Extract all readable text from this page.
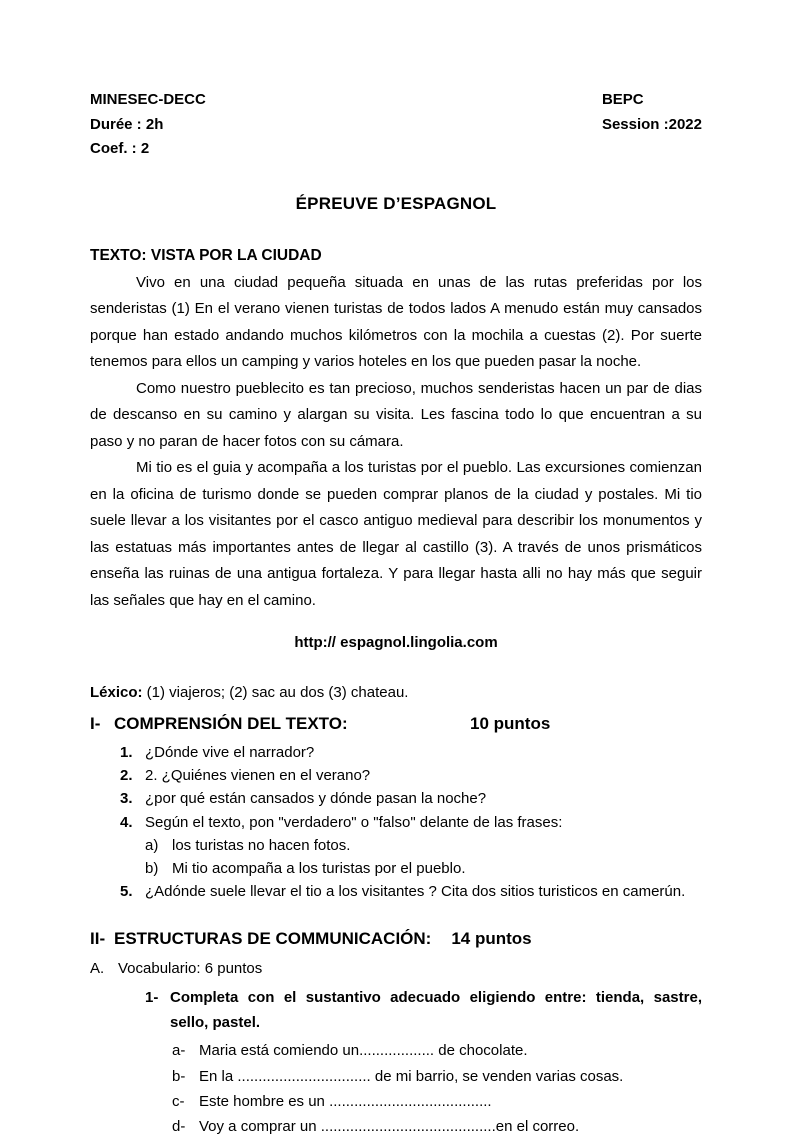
MINESEC-DECC
Durée : 2h
Coef. : 2
BEPC
Session :2022
ÉPREUVE D’ESPAGNOL
TEXTO: VISTA POR LA CIUDAD

Vivo en una ciudad pequeña situada en unas de las rutas preferidas por los senderistas (1) En el verano vienen turistas de todos lados A menudo están muy cansados porque han estado andando muchos kilómetros con la mochila a cuestas (2). Por suerte tenemos para ellos un camping y varios hoteles en los que pueden pasar la noche.

Como nuestro pueblecito es tan precioso, muchos senderistas hacen un par de dias de descanso en su camino y alargan su visita. Les fascina todo lo que encuentran a su paso y no paran de hacer fotos con su cámara.

Mi tio es el guia y acompaña a los turistas por el pueblo. Las excursiones comienzan en la oficina de turismo donde se pueden comprar planos de la ciudad y postales. Mi tio suele llevar a los visitantes por el casco antiguo medieval para describir los monumentos y las estatuas más importantes antes de llegar al castillo (3). A través de unos prismáticos enseña las ruinas de una antigua fortaleza. Y para llegar hasta alli no hay más que seguir las señales que hay en el camino.

http:// espagnol.lingolia.com

Léxico: (1) viajeros; (2) sac au dos (3) chateau.

I- COMPRENSIÓN DEL TEXTO:	10 puntos
1. ¿Dónde vive el narrador?
2. 2. ¿Quiénes vienen en el verano?
3. ¿por qué están cansados y dónde pasan la noche?
4. Según el texto, pon "verdadero" o "falso" delante de las frases:
a) los turistas no hacen fotos.
b) Mi tio acompaña a los turistas por el pueblo.
5. ¿Adónde suele llevar el tio a los visitantes ? Cita dos sitios turisticos en camerún.
II- ESTRUCTURAS DE COMMUNICACIÓN: 14 puntos
A. Vocabulario: 6 puntos
1- Completa con el sustantivo adecuado eligiendo entre: tienda, sastre, sello, pastel.
a- Maria está comiendo un.................. de chocolate.
b- En la ................................ de mi barrio, se venden varias cosas.
c- Este hombre es un .......................................
d- Voy a comprar un ..........................................en el correo.
